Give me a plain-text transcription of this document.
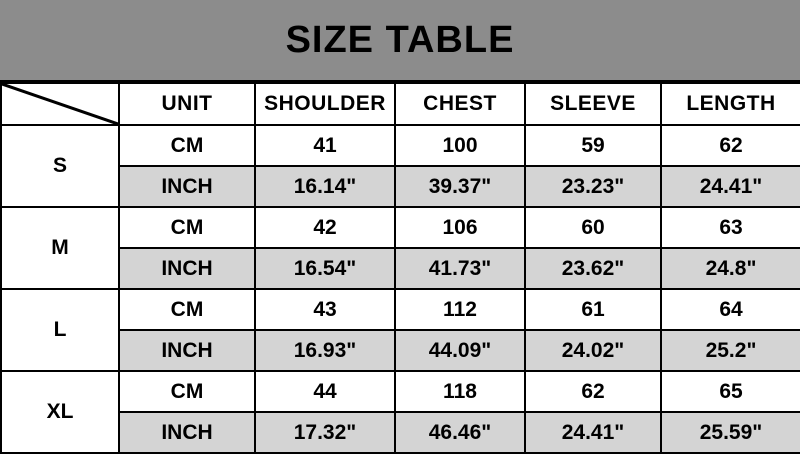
SIZE TABLE
	UNIT	SHOULDER	CHEST	SLEEVE	LENGTH
S	CM	41	100	59	62
	INCH	16.14"	39.37"	23.23"	24.41"
M	CM	42	106	60	63
	INCH	16.54"	41.73"	23.62"	24.8"
L	CM	43	112	61	64
	INCH	16.93"	44.09"	24.02"	25.2"
XL	CM	44	118	62	65
	INCH	17.32"	46.46"	24.41"	25.59"
